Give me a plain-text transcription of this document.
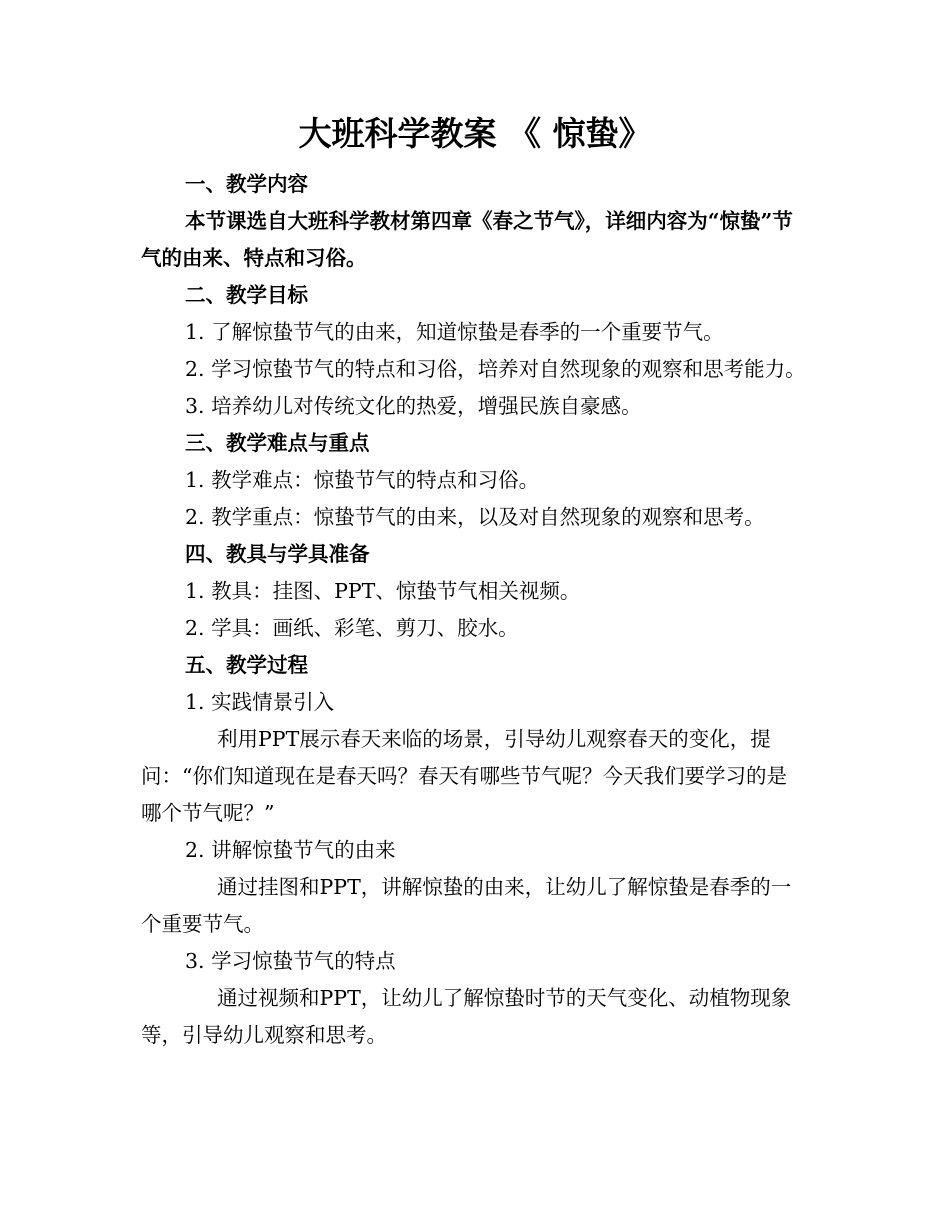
大班科学教案 《 惊蛰》

一、教学内容

本节课选自大班科学教材第四章《春之节气》，详细内容为“惊蛰”节气的由来、特点和习俗。

二、教学目标

1. 了解惊蛰节气的由来，知道惊蛰是春季的一个重要节气。

2. 学习惊蛰节气的特点和习俗，培养对自然现象的观察和思考能力。

3. 培养幼儿对传统文化的热爱，增强民族自豪感。

三、教学难点与重点

1. 教学难点：惊蛰节气的特点和习俗。

2. 教学重点：惊蛰节气的由来，以及对自然现象的观察和思考。

四、教具与学具准备

1. 教具：挂图、PPT、惊蛰节气相关视频。

2. 学具：画纸、彩笔、剪刀、胶水。

五、教学过程

1. 实践情景引入

利用PPT展示春天来临的场景，引导幼儿观察春天的变化，提问：“你们知道现在是春天吗？春天有哪些节气呢？今天我们要学习的是哪个节气呢？”

2. 讲解惊蛰节气的由来

通过挂图和PPT，讲解惊蛰的由来，让幼儿了解惊蛰是春季的一个重要节气。

3. 学习惊蛰节气的特点

通过视频和PPT，让幼儿了解惊蛰时节的天气变化、动植物现象等，引导幼儿观察和思考。
